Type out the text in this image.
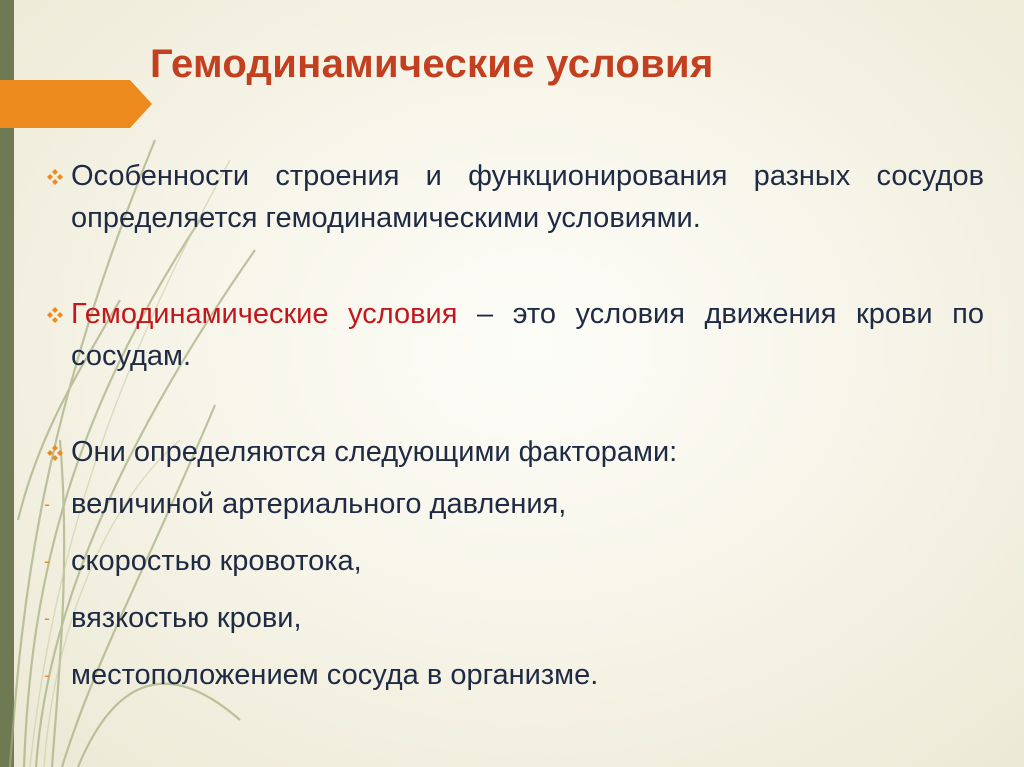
Гемодинамические условия
Особенности строения и функционирования разных сосудов определяется гемодинамическими условиями.
Гемодинамические условия – это условия движения крови по сосудам.
Они определяются следующими факторами:
- величиной артериального давления,
- скоростью кровотока,
- вязкостью крови,
- местоположением сосуда в организме.
